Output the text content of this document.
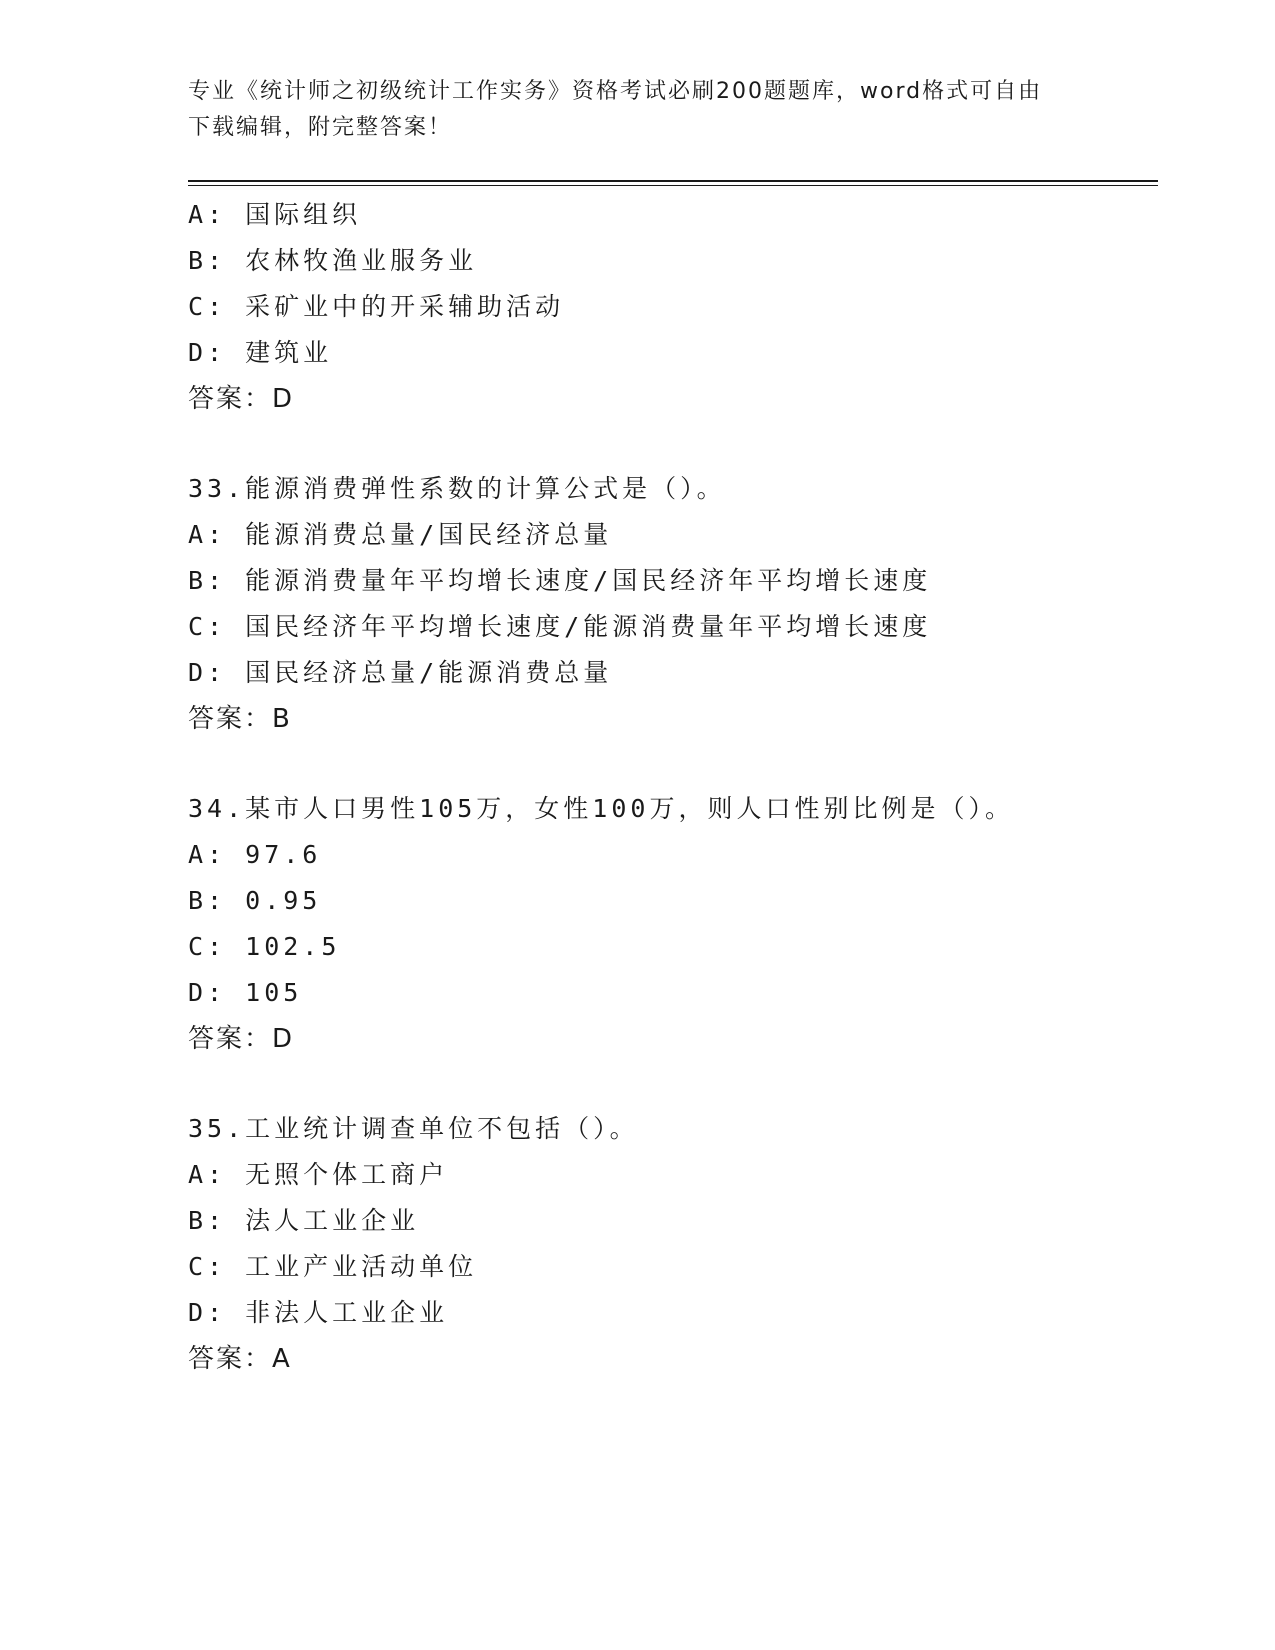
专业《统计师之初级统计工作实务》资格考试必刷200题题库，word格式可自由
下载编辑，附完整答案！
A: 国际组织
B: 农林牧渔业服务业
C: 采矿业中的开采辅助活动
D: 建筑业
答案：D
33.能源消费弹性系数的计算公式是（）。
A: 能源消费总量/国民经济总量
B: 能源消费量年平均增长速度/国民经济年平均增长速度
C: 国民经济年平均增长速度/能源消费量年平均增长速度
D: 国民经济总量/能源消费总量
答案：B
34.某市人口男性105万，女性100万，则人口性别比例是（）。
A: 97.6
B: 0.95
C: 102.5
D: 105
答案：D
35.工业统计调查单位不包括（）。
A: 无照个体工商户
B: 法人工业企业
C: 工业产业活动单位
D: 非法人工业企业
答案：A
